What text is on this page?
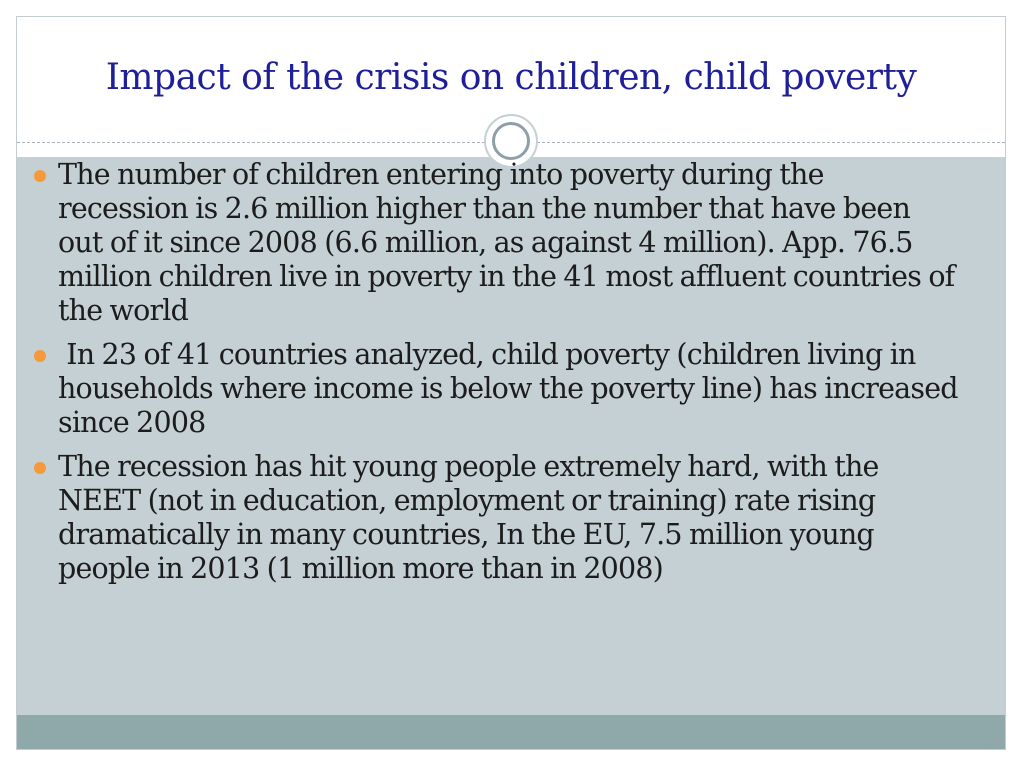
Impact of the crisis on children, child poverty
The number of children entering into poverty during the recession is 2.6 million higher than the number that have been out of it since 2008 (6.6 million, as against 4 million). App. 76.5 million children live in poverty in the 41 most affluent countries of the world
In 23 of 41 countries analyzed, child poverty (children living in households where income is below the poverty line) has increased since 2008
The recession has hit young people extremely hard, with the NEET (not in education, employment or training) rate rising dramatically in many countries, In the EU, 7.5 million young people in 2013 (1 million more than in 2008)
